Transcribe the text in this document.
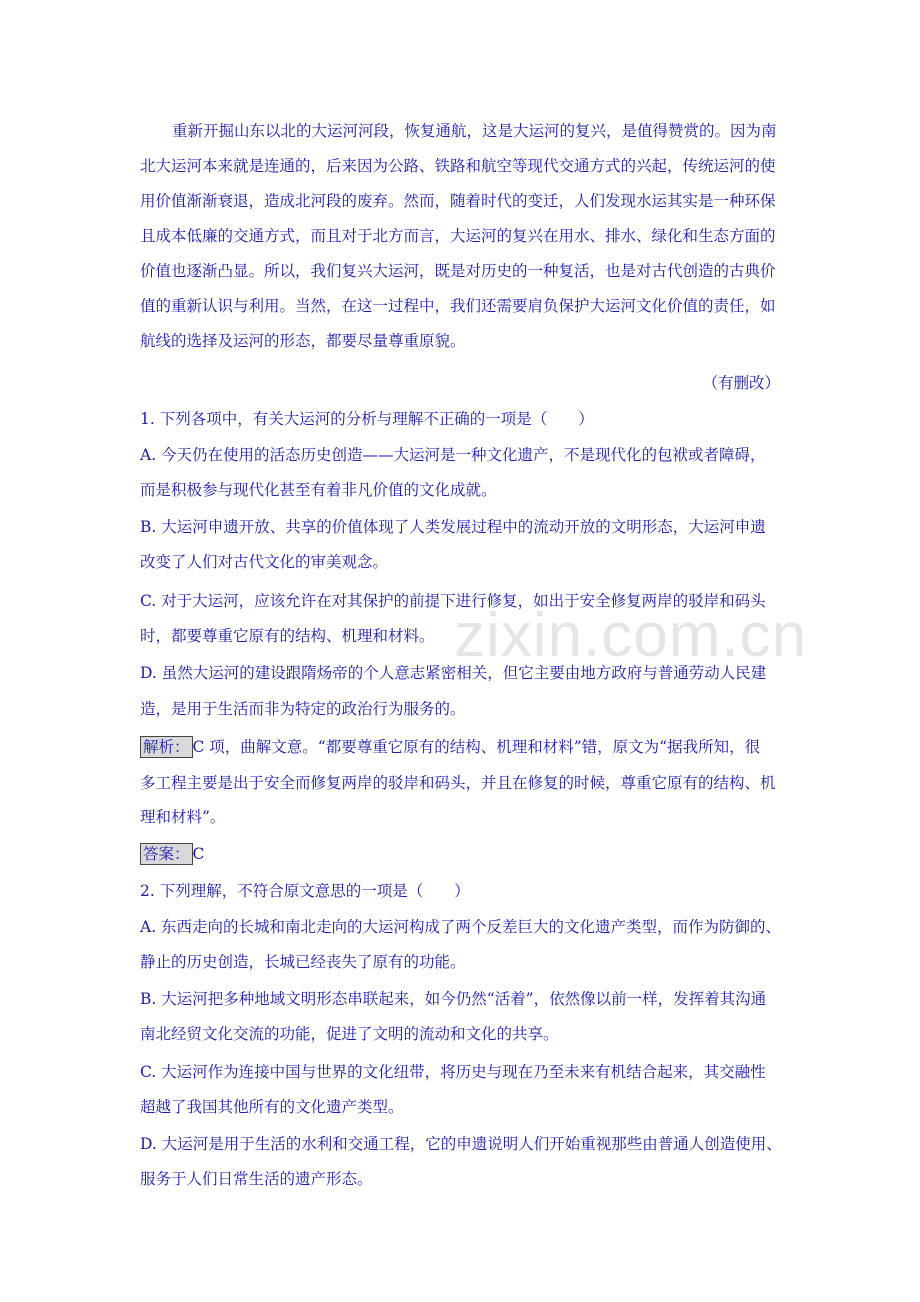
重新开掘山东以北的大运河河段，恢复通航，这是大运河的复兴，是值得赞赏的。因为南
北大运河本来就是连通的，后来因为公路、铁路和航空等现代交通方式的兴起，传统运河的使
用价值渐渐衰退，造成北河段的废弃。然而，随着时代的变迁，人们发现水运其实是一种环保
且成本低廉的交通方式，而且对于北方而言，大运河的复兴在用水、排水、绿化和生态方面的
价值也逐渐凸显。所以，我们复兴大运河，既是对历史的一种复活，也是对古代创造的古典价
值的重新认识与利用。当然，在这一过程中，我们还需要肩负保护大运河文化价值的责任，如
航线的选择及运河的形态，都要尽量尊重原貌。
（有删改）
1. 下列各项中，有关大运河的分析与理解不正确的一项是（　　）
A. 今天仍在使用的活态历史创造——大运河是一种文化遗产，不是现代化的包袱或者障碍，
而是积极参与现代化甚至有着非凡价值的文化成就。
B. 大运河申遗开放、共享的价值体现了人类发展过程中的流动开放的文明形态，大运河申遗
改变了人们对古代文化的审美观念。
C. 对于大运河，应该允许在对其保护的前提下进行修复，如出于安全修复两岸的驳岸和码头
时，都要尊重它原有的结构、机理和材料。
D. 虽然大运河的建设跟隋炀帝的个人意志紧密相关，但它主要由地方政府与普通劳动人民建
造，是用于生活而非为特定的政治行为服务的。
解析： C 项，曲解文意。“都要尊重它原有的结构、机理和材料”错，原文为“据我所知，很
多工程主要是出于安全而修复两岸的驳岸和码头，并且在修复的时候，尊重它原有的结构、机
理和材料”。
答案： C
2. 下列理解，不符合原文意思的一项是（　　）
A. 东西走向的长城和南北走向的大运河构成了两个反差巨大的文化遗产类型，而作为防御的、
静止的历史创造，长城已经丧失了原有的功能。
B. 大运河把多种地域文明形态串联起来，如今仍然“活着”，依然像以前一样，发挥着其沟通
南北经贸文化交流的功能，促进了文明的流动和文化的共享。
C. 大运河作为连接中国与世界的文化纽带，将历史与现在乃至未来有机结合起来，其交融性
超越了我国其他所有的文化遗产类型。
D. 大运河是用于生活的水利和交通工程，它的申遗说明人们开始重视那些由普通人创造使用、
服务于人们日常生活的遗产形态。
zixin.com.cn
